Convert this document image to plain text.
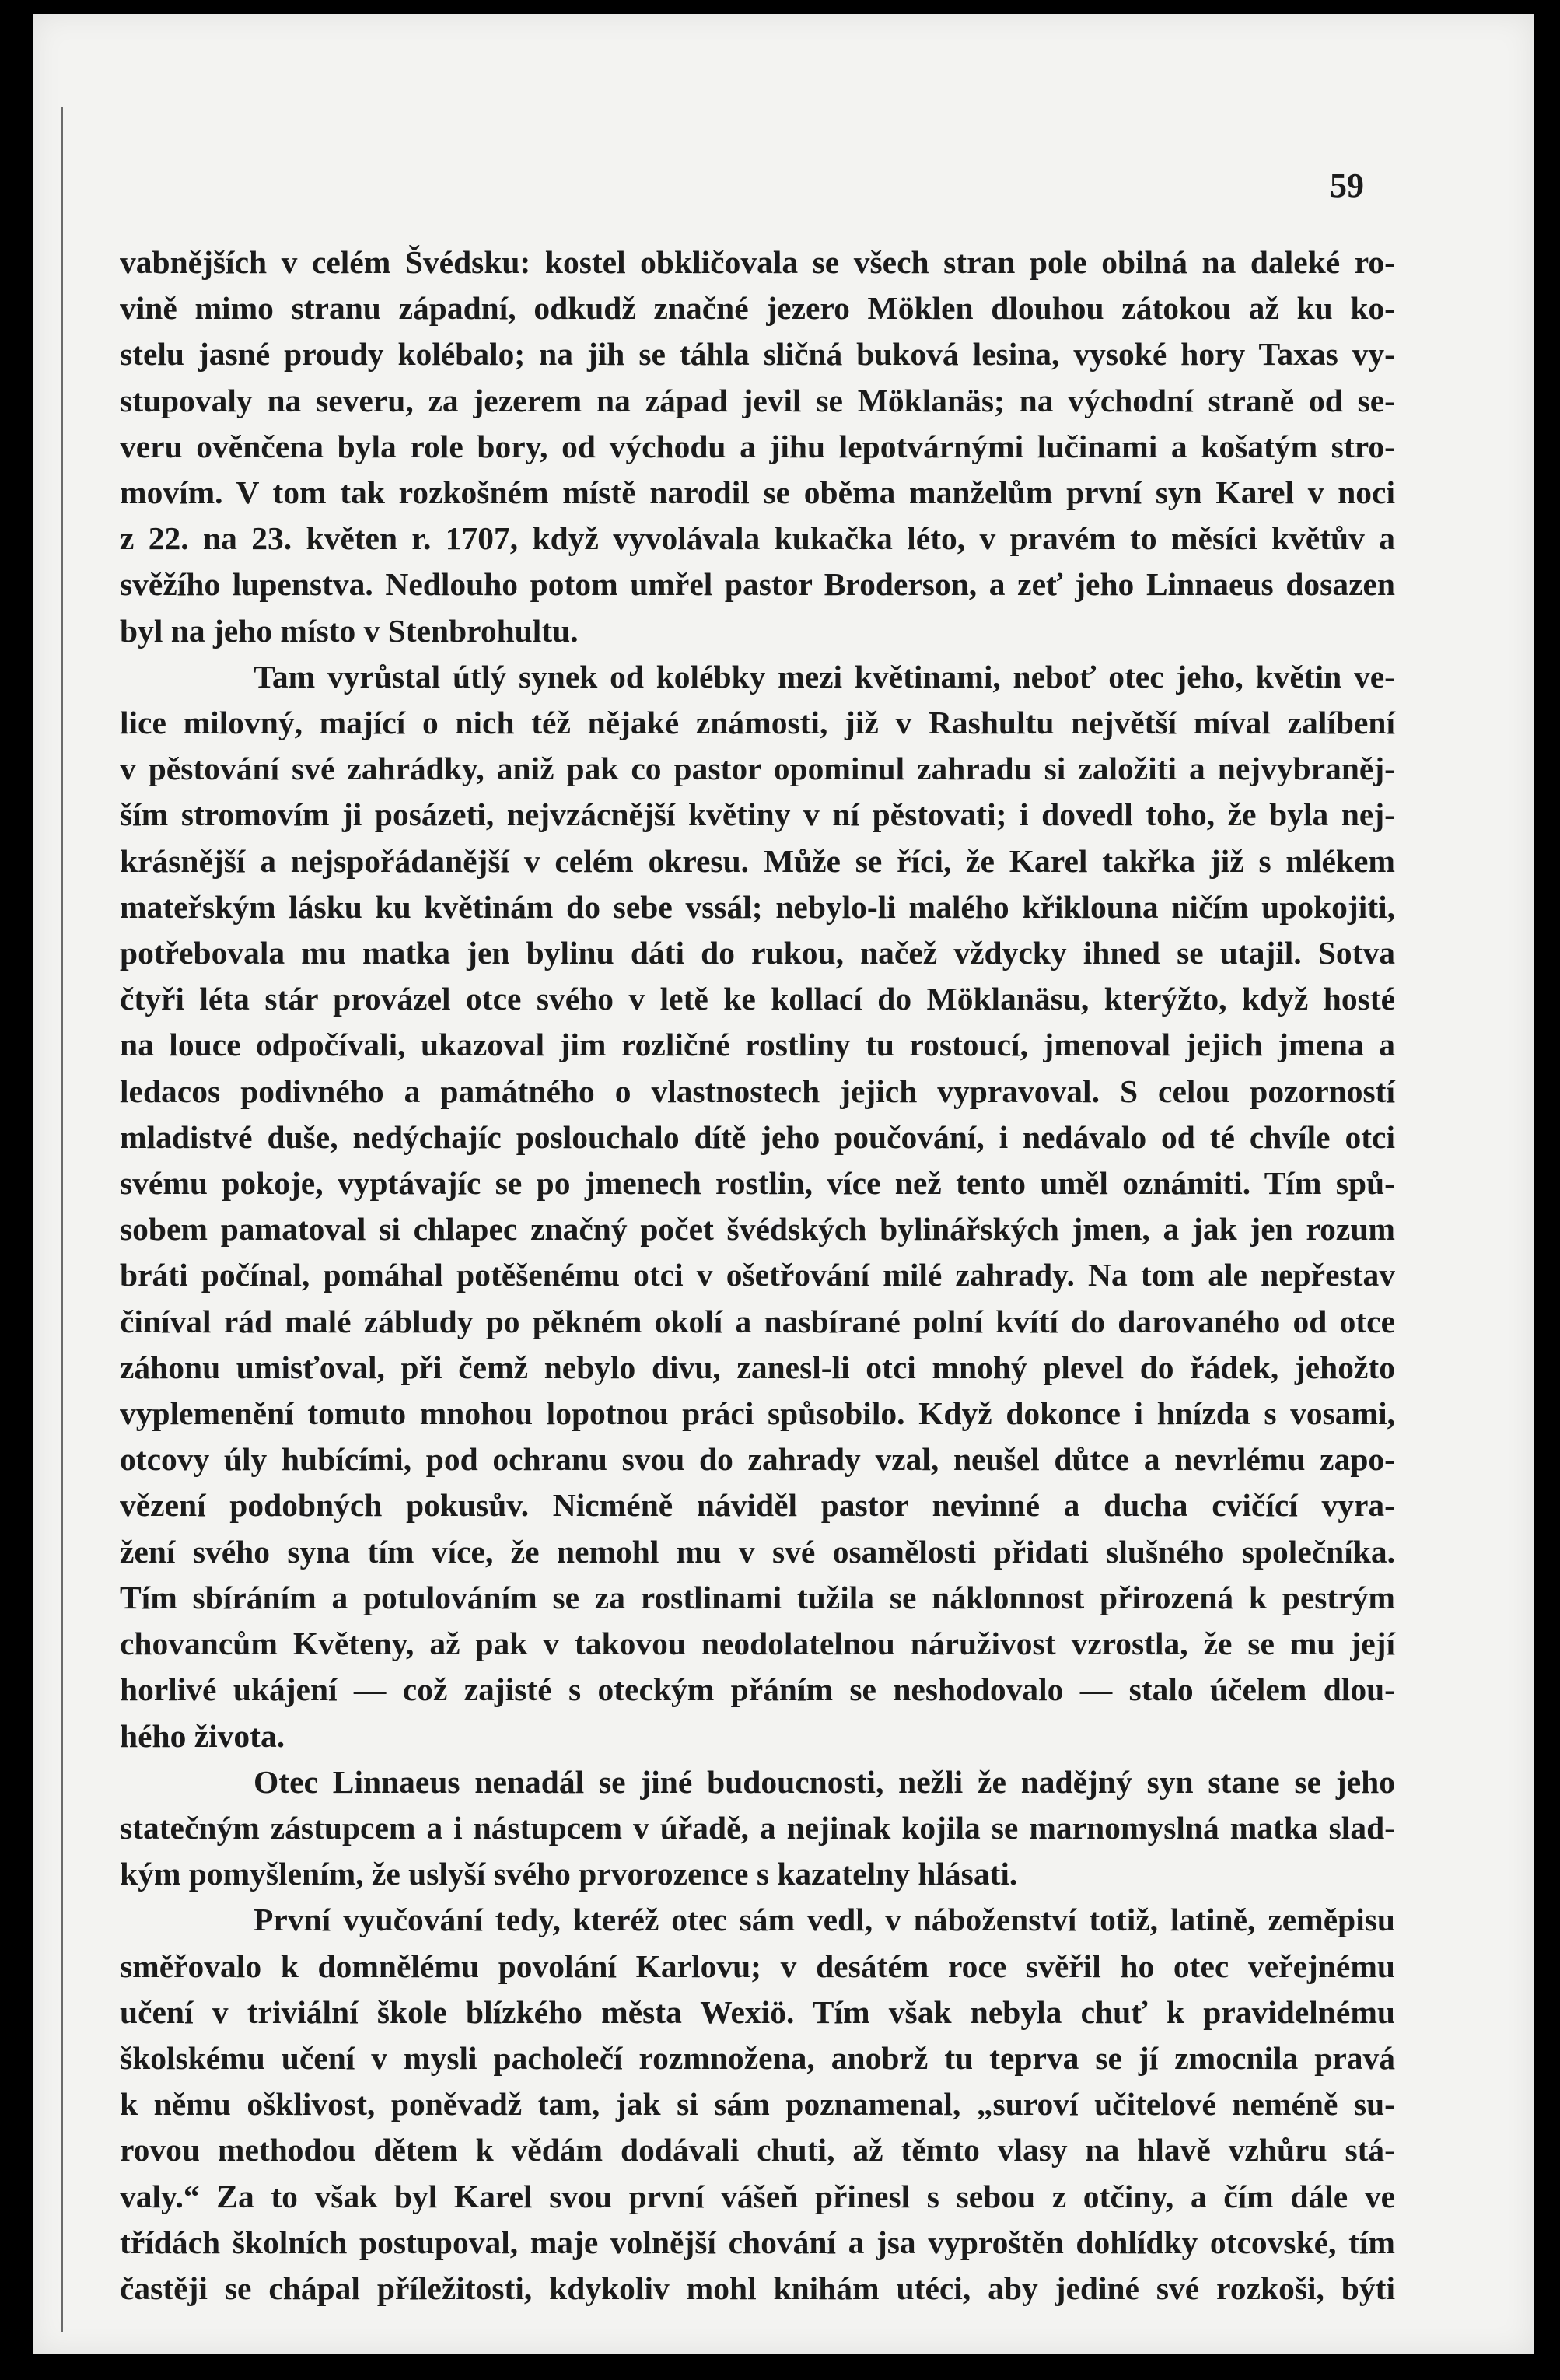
59

vabnějších v celém Švédsku: kostel obkličovala se všech stran pole obilná na daleké ro-

vině mimo stranu západní, odkudž značné jezero Möklen dlouhou zátokou až ku ko-

stelu jasné proudy kolébalo; na jih se táhla sličná buková lesina, vysoké hory Taxas vy-

stupovaly na severu, za jezerem na západ jevil se Möklanäs; na východní straně od se-

veru ověnčena byla role bory, od východu a jihu lepotvárnými lučinami a košatým stro-

movím. V tom tak rozkošném místě narodil se oběma manželům první syn Karel v noci

z 22. na 23. květen r. 1707, když vyvolávala kukačka léto, v pravém to měsíci květův a

svěžího lupenstva. Nedlouho potom umřel pastor Broderson, a zeť jeho Linnaeus dosazen

byl na jeho místo v Stenbrohultu.

Tam vyrůstal útlý synek od kolébky mezi květinami, neboť otec jeho, květin ve-

lice milovný, mající o nich též nějaké známosti, již v Rashultu největší míval zalíbení

v pěstování své zahrádky, aniž pak co pastor opominul zahradu si založiti a nejvybraněj-

ším stromovím ji posázeti, nejvzácnější květiny v ní pěstovati; i dovedl toho, že byla nej-

krásnější a nejspořádanější v celém okresu. Může se říci, že Karel takřka již s mlékem

mateřským lásku ku květinám do sebe vssál; nebylo-li malého křiklouna ničím upokojiti,

potřebovala mu matka jen bylinu dáti do rukou, načež vždycky ihned se utajil. Sotva

čtyři léta stár provázel otce svého v letě ke kollací do Möklanäsu, kterýžto, když hosté

na louce odpočívali, ukazoval jim rozličné rostliny tu rostoucí, jmenoval jejich jmena a

ledacos podivného a památného o vlastnostech jejich vypravoval. S celou pozorností

mladistvé duše, nedýchajíc poslouchalo dítě jeho poučování, i nedávalo od té chvíle otci

svému pokoje, vyptávajíc se po jmenech rostlin, více než tento uměl oznámiti. Tím spů-

sobem pamatoval si chlapec značný počet švédských bylinářských jmen, a jak jen rozum

bráti počínal, pomáhal potěšenému otci v ošetřování milé zahrady. Na tom ale nepřestav

činíval rád malé zábludy po pěkném okolí a nasbírané polní kvítí do darovaného od otce

záhonu umisťoval, při čemž nebylo divu, zanesl-li otci mnohý plevel do řádek, jehožto

vyplemenění tomuto mnohou lopotnou práci spůsobilo. Když dokonce i hnízda s vosami,

otcovy úly hubícími, pod ochranu svou do zahrady vzal, neušel důtce a nevrlému zapo-

vězení podobných pokusův. Nicméně náviděl pastor nevinné a ducha cvičící vyra-

žení svého syna tím více, že nemohl mu v své osamělosti přidati slušného společníka.

Tím sbíráním a potulováním se za rostlinami tužila se náklonnost přirozená k pestrým

chovancům Květeny, až pak v takovou neodolatelnou náruživost vzrostla, že se mu její

horlivé ukájení — což zajisté s oteckým přáním se neshodovalo — stalo účelem dlou-

hého života.

Otec Linnaeus nenadál se jiné budoucnosti, nežli že nadějný syn stane se jeho

statečným zástupcem a i nástupcem v úřadě, a nejinak kojila se marnomyslná matka slad-

kým pomyšlením, že uslyší svého prvorozence s kazatelny hlásati.

První vyučování tedy, kteréž otec sám vedl, v náboženství totiž, latině, zeměpisu

směřovalo k domnělému povolání Karlovu; v desátém roce svěřil ho otec veřejnému

učení v triviální škole blízkého města Wexiö. Tím však nebyla chuť k pravidelnému

školskému učení v mysli pacholečí rozmnožena, anobrž tu teprva se jí zmocnila pravá

k němu ošklivost, poněvadž tam, jak si sám poznamenal, „suroví učitelové neméně su-

rovou methodou dětem k vědám dodávali chuti, až těmto vlasy na hlavě vzhůru stá-

valy.“ Za to však byl Karel svou první vášeň přinesl s sebou z otčiny, a čím dále ve

třídách školních postupoval, maje volnější chování a jsa vyproštěn dohlídky otcovské, tím

častěji se chápal příležitosti, kdykoliv mohl knihám utéci, aby jediné své rozkoši, býti
